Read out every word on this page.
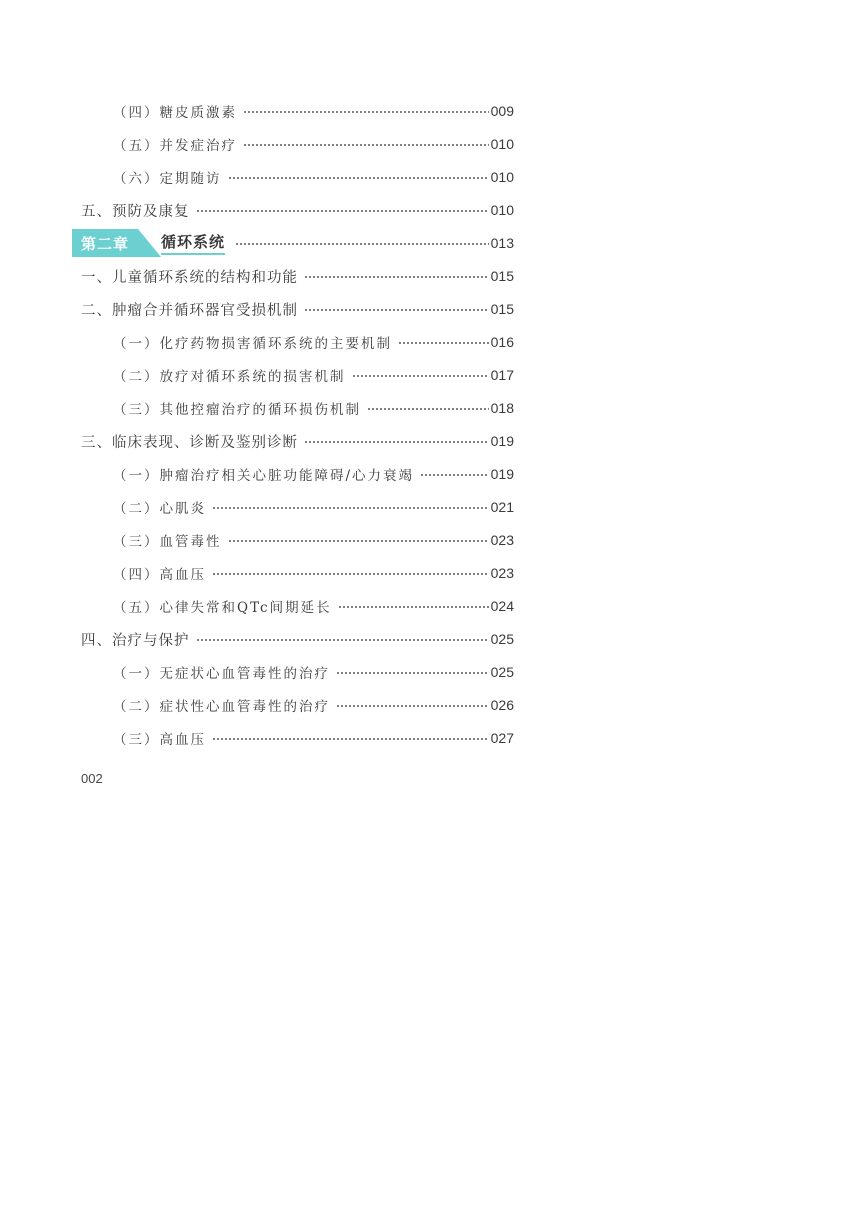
（四）糖皮质激素	009
（五）并发症治疗	010
（六）定期随访	010
五、预防及康复	010
第二章 循环系统	013
一、儿童循环系统的结构和功能	015
二、肿瘤合并循环器官受损机制	015
（一）化疗药物损害循环系统的主要机制	016
（二）放疗对循环系统的损害机制	017
（三）其他控瘤治疗的循环损伤机制	018
三、临床表现、诊断及鉴别诊断	019
（一）肿瘤治疗相关心脏功能障碍/心力衰竭	019
（二）心肌炎	021
（三）血管毒性	023
（四）高血压	023
（五）心律失常和QTc间期延长	024
四、治疗与保护	025
（一）无症状心血管毒性的治疗	025
（二）症状性心血管毒性的治疗	026
（三）高血压	027
002
